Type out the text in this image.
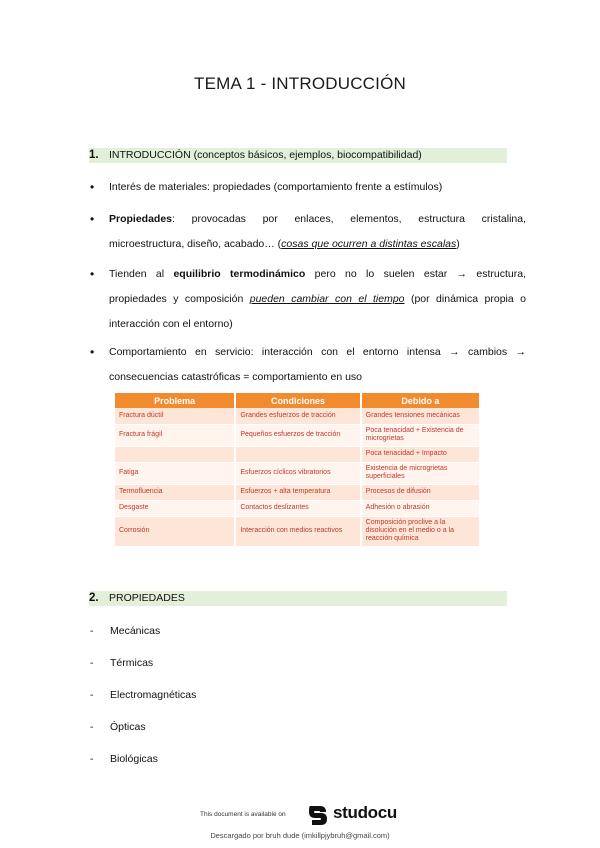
TEMA 1 - INTRODUCCIÓN
1. INTRODUCCIÓN (conceptos básicos, ejemplos, biocompatibilidad)
• Interés de materiales: propiedades (comportamiento frente a estímulos)
• Propiedades: provocadas por enlaces, elementos, estructura cristalina,
microestructura, diseño, acabado… (cosas que ocurren a distintas escalas)
• Tienden al equilibrio termodinámico pero no lo suelen estar → estructura,
propiedades y composición pueden cambiar con el tiempo (por dinámica propia o
interacción con el entorno)
• Comportamiento en servicio: interacción con el entorno intensa → cambios →
consecuencias catastróficas = comportamiento en uso
Problema	Condiciones	Debido a
Fractura dúctil	Grandes esfuerzos de tracción	Grandes tensiones mecánicas
Fractura frágil	Pequeños esfuerzos de tracción	Poca tenacidad + Existencia de microgrietas
		Poca tenacidad + Impacto
Fatiga	Esfuerzos cíclicos vibratorios	Existencia de microgrietas superficiales
Termofluencia	Esfuerzos + alta temperatura	Procesos de difusión
Desgaste	Contactos deslizantes	Adhesión o abrasión
Corrosión	Interacción con medios reactivos	Composición proclive a la disolución en el medio o a la reacción química
2. PROPIEDADES
- Mecánicas
- Térmicas
- Electromagnéticas
- Ópticas
- Biológicas
This document is available on	studocu
Descargado por bruh dude (imkillpjybruh@gmail.com)
